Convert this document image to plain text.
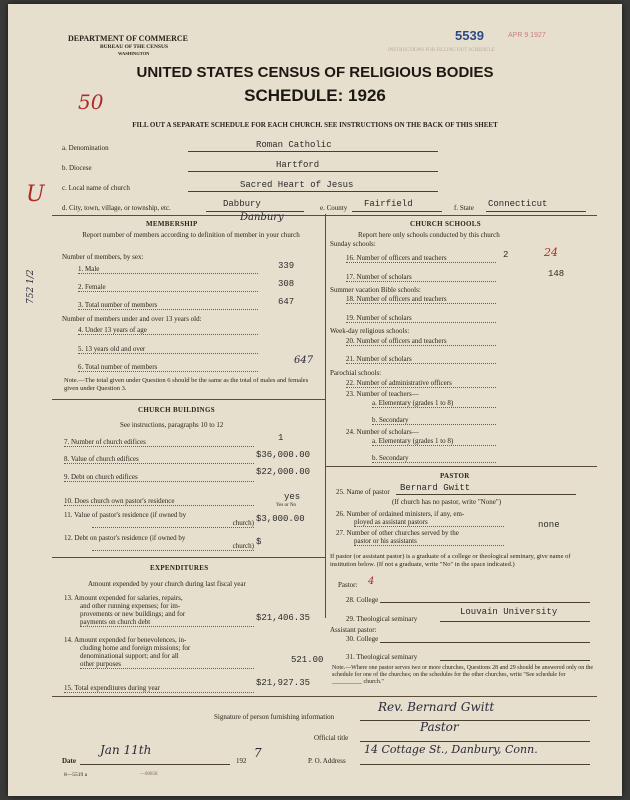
DEPARTMENT OF COMMERCE
BUREAU OF THE CENSUS
WASHINGTON
5539	APR 9 1927
INSTRUCTIONS FOR FILLING OUT SCHEDULE
UNITED STATES CENSUS OF RELIGIOUS BODIES
SCHEDULE: 1926
50
FILL OUT A SEPARATE SCHEDULE FOR EACH CHURCH. SEE INSTRUCTIONS ON THE BACK OF THIS SHEET
a. Denomination	Roman Catholic
b. Diocese	Hartford
c. Local name of church	Sacred Heart of Jesus
U
d. City, town, village, or township, etc.	Dabbury	e. County Fairfield	f. State Connecticut
MEMBERSHIP
Danbury
Report number of members according to definition of member in your church
Number of members, by sex:
1. Male	339
2. Female	308
3. Total number of members	647
Number of members under and over 13 years old:
4. Under 13 years of age
5. 13 years old and over
6. Total number of members
647
Note.—The total given under Question 6 should be the same as the total of males and females given under Question 3.
752 1/2
CHURCH BUILDINGS
See instructions, paragraphs 10 to 12
7. Number of church edifices	1
8. Value of church edifices	$36,000.00
9. Debt on church edifices	$22,000.00
10. Does church own pastor's residence	yes
Yes or No
11. Value of pastor's residence (if owned by
church) $3,000.00
12. Debt on pastor's residence (if owned by
church) $
EXPENDITURES
Amount expended by your church during last fiscal year
13. Amount expended for salaries, repairs,
and other running expenses; for im-
provements or new buildings; and for
payments on church debt	$21,406.35
14. Amount expended for benevolences, in-
cluding home and foreign missions; for
denominational support; and for all
other purposes	521.00
15. Total expenditures during year	$21,927.35
CHURCH SCHOOLS
Report here only schools conducted by this church
Sunday schools:
16. Number of officers and teachers	2	24
17. Number of scholars	148
Summer vacation Bible schools:
18. Number of officers and teachers
19. Number of scholars
Week-day religious schools:
20. Number of officers and teachers
21. Number of scholars
Parochial schools:
22. Number of administrative officers
23. Number of teachers—
a. Elementary (grades 1 to 8)
b. Secondary
24. Number of scholars—
a. Elementary (grades 1 to 8)
b. Secondary
PASTOR
25. Name of pastor Bernard Gwitt
(If church has no pastor, write "None")
26. Number of ordained ministers, if any, em-
ployed as assistant pastors
27. Number of other churches served by the
pastor or his assistants
none
If pastor (or assistant pastor) is a graduate of a college or theological seminary, give name of institution below. (If not a graduate, write "No" in the space indicated.)
Pastor: 4
28. College
29. Theological seminary
Louvain University
Assistant pastor:
30. College
31. Theological seminary
Note.—Where one pastor serves two or more churches, Questions 28 and 29 should be answered only on the schedule for one of the churches; on the schedules for the other churches, write "See schedule for __________ church."
Signature of person furnishing information
Rev. Bernard Gwitt
Official title
Pastor
Date
Jan 11th
192
7
P. O. Address
14 Cottage St., Danbury, Conn.
8—5519 a	—00858
